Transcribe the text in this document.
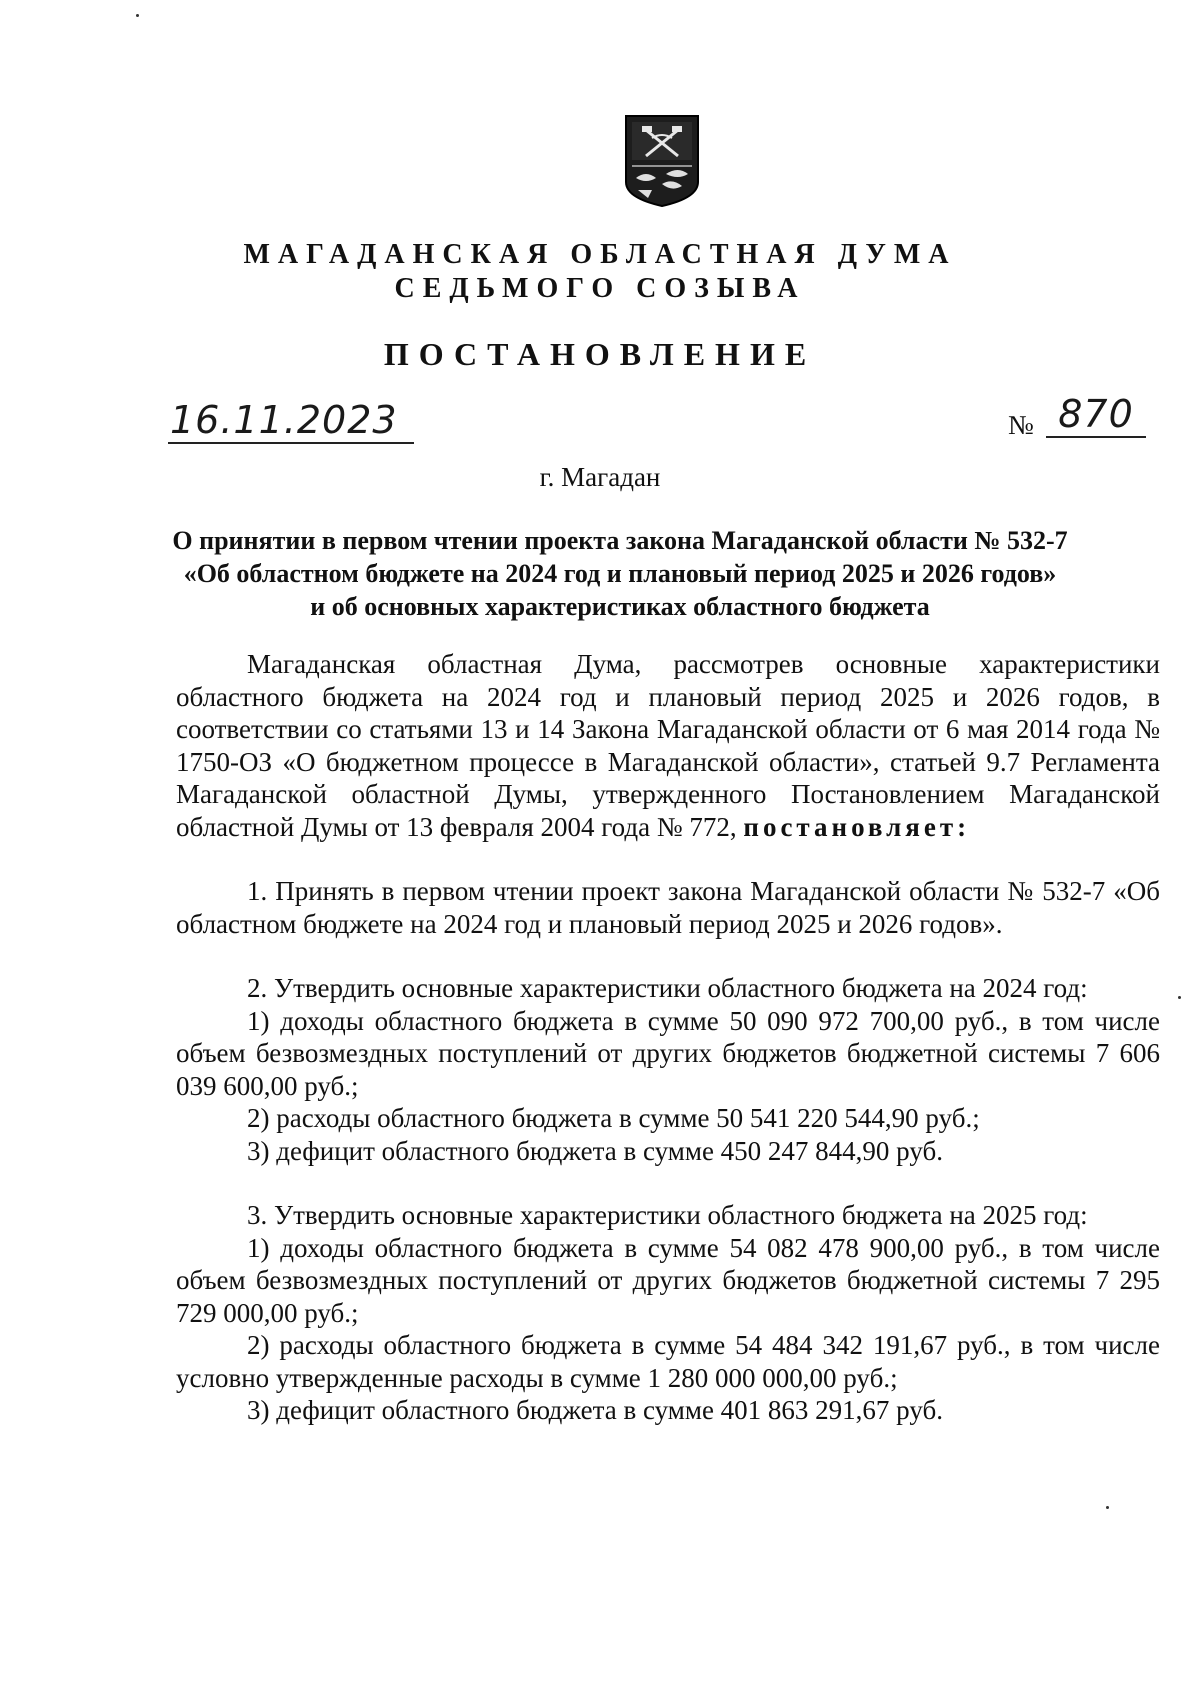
МАГАДАНСКАЯ ОБЛАСТНАЯ ДУМА
СЕДЬМОГО СОЗЫВА
ПОСТАНОВЛЕНИЕ
16.11.2023	№ 870
г. Магадан
О принятии в первом чтении проекта закона Магаданской области № 532-7
«Об областном бюджете на 2024 год и плановый период 2025 и 2026 годов»
и об основных характеристиках областного бюджета

Магаданская областная Дума, рассмотрев основные характеристики областного бюджета на 2024 год и плановый период 2025 и 2026 годов, в соответствии со статьями 13 и 14 Закона Магаданской области от 6 мая 2014 года № 1750-ОЗ «О бюджетном процессе в Магаданской области», статьей 9.7 Регламента Магаданской областной Думы, утвержденного Постановлением Магаданской областной Думы от 13 февраля 2004 года № 772, постановляет:

1. Принять в первом чтении проект закона Магаданской области № 532-7 «Об областном бюджете на 2024 год и плановый период 2025 и 2026 годов».

2. Утвердить основные характеристики областного бюджета на 2024 год:

1) доходы областного бюджета в сумме 50 090 972 700,00 руб., в том числе объем безвозмездных поступлений от других бюджетов бюджетной системы 7 606 039 600,00 руб.;

2) расходы областного бюджета в сумме 50 541 220 544,90 руб.;

3) дефицит областного бюджета в сумме 450 247 844,90 руб.

3. Утвердить основные характеристики областного бюджета на 2025 год:

1) доходы областного бюджета в сумме 54 082 478 900,00 руб., в том числе объем безвозмездных поступлений от других бюджетов бюджетной системы 7 295 729 000,00 руб.;

2) расходы областного бюджета в сумме 54 484 342 191,67 руб., в том числе условно утвержденные расходы в сумме 1 280 000 000,00 руб.;

3) дефицит областного бюджета в сумме 401 863 291,67 руб.
